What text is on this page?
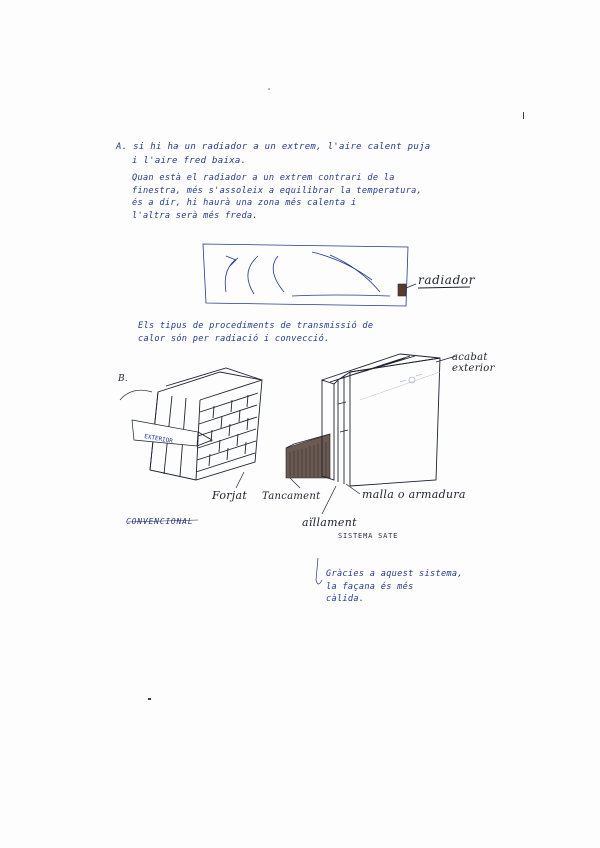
A. si hi ha un radiador a un extrem, l'aire calent puja
i l'aire fred baixa.
Quan està el radiador a un extrem contrari de la
finestra, més s'assoleix a equilibrar la temperatura,
és a dir, hi haurà una zona més calenta i
l'altra serà més freda.
radiador
Els tipus de procediments de transmissió de
calor són per radiació i convecció.
B.
CONVENCIONAL
Forjat Tancament
aïllament
malla o armadura
acabat exterior
SISTEMA SATE
Gràcies a aquest sistema,
la façana és més
càlida.
EXTERIOR
